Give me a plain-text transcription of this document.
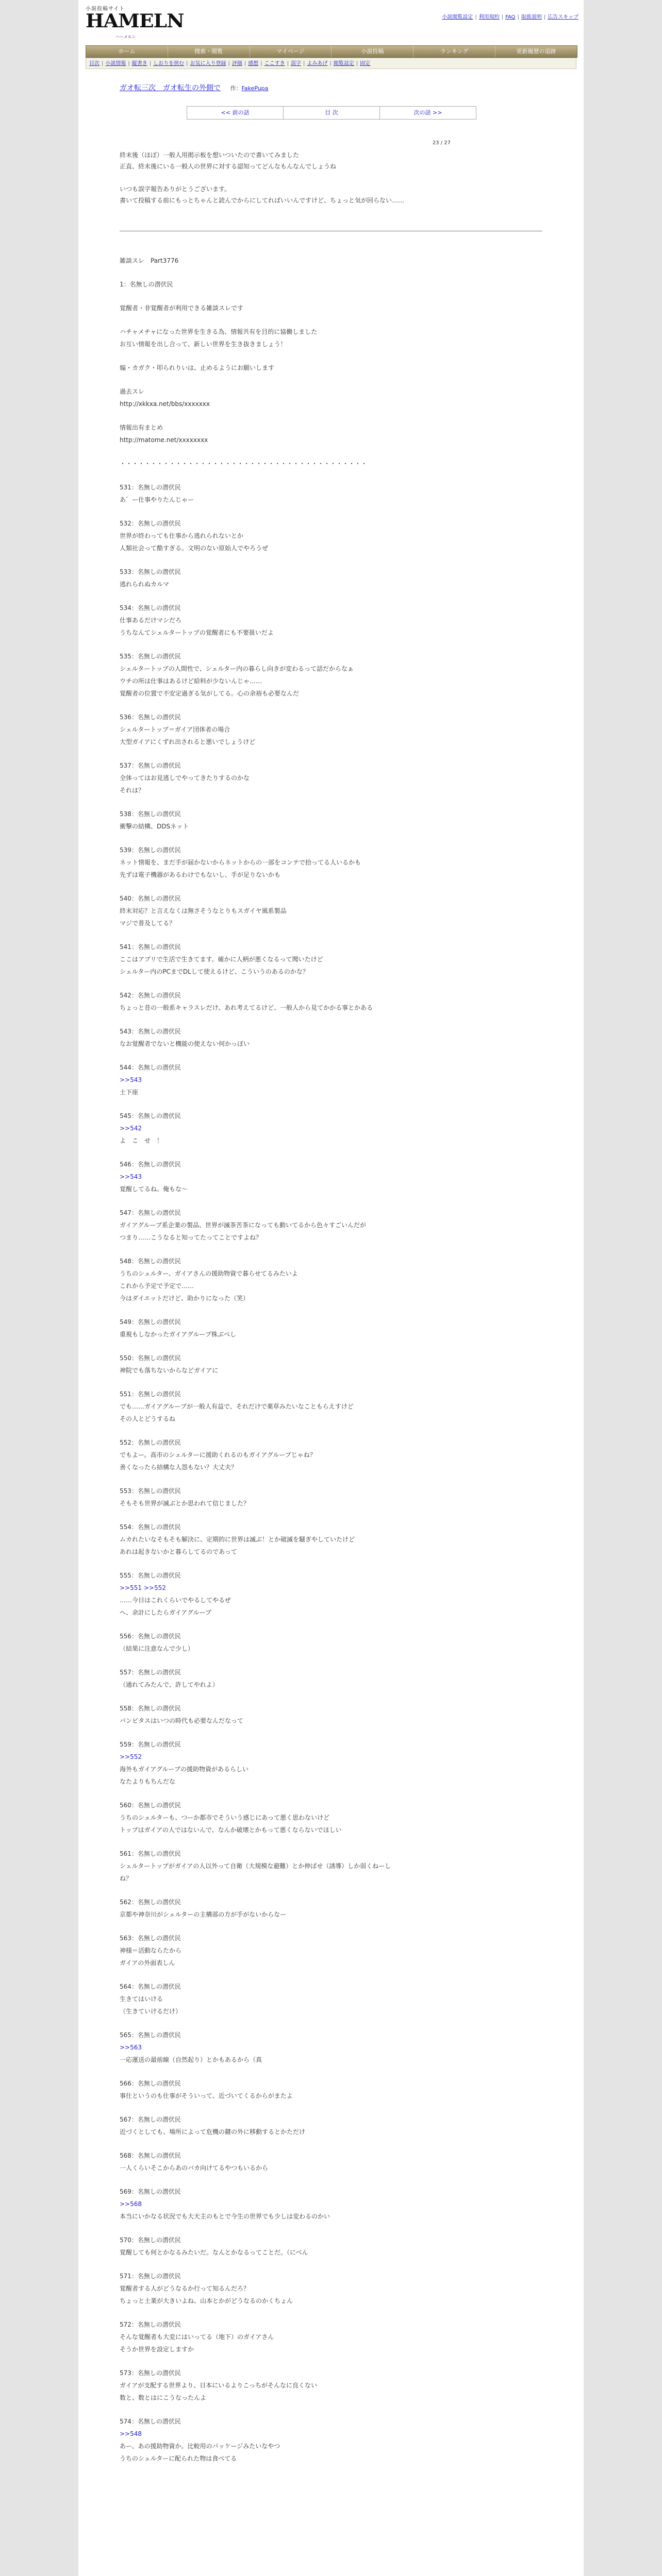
小説投稿サイト
HAMELN
ハーメルン
小説閲覧設定 | 利用規約 | FAQ | 取扱説明 | 広告スキップ
ホーム	捜索・閲覧	マイページ	小説投稿	ランキング	更新履歴の追跡
目次 | 小説情報 | 縦書き | しおりを挟む | お気に入り登録 | 評価 | 感想 | ここすき | 誤字 | よみあげ | 閲覧設定 | 固定
ガオ転三次　ガオ転生の外側で 作：FakePupa
<< 前の話	目 次	次の話 >>
23 / 27

終末後（ほぼ）一般人用掲示板を想いついたので書いてみました

正直、終末後にいる一般人の世界に対する認知ってどんなもんなんでしょうね

いつも誤字報告ありがとうございます。

書いて投稿する前にもっとちゃんと読んでからにしてればいいんですけど、ちょっと気が回らない……

雑談スレ　Part3776
1：名無しの潜伏民
覚醒者・非覚醒者が利用できる雑談スレです
ハチャメチャになった世界を生きる為、情報共有を目的に協働しました
お互い情報を出し合って、新しい世界を生き抜きましょう！
煽・カガク・叩られりいは、止めるようにお願いします
過去スレ
http://xkkxa.net/bbs/xxxxxxx
情報出有まとめ
http://matome.net/xxxxxxxx
・・・・・・・・・・・・・・・・・・・・・・・・・・・・・・・・・・・・・・・・
531：名無しの潜伏民
あ゛ー仕事やりたんじゃー
532：名無しの潜伏民
世界が終わっても仕事から逃れられないとか
人類社会って酷すぎる。文明のない原始人でやろうぜ
533：名無しの潜伏民
逃れられぬカルマ
534：名無しの潜伏民
仕事あるだけマシだろ
うちなんてシェルタートップの覚醒者にも不要扱いだよ
535：名無しの潜伏民
シェルタートップの人間性で、シェルター内の暮らし向きが変わるって話だからなぁ
ウチの所は仕事はあるけど給料が少ないんじゃ……
覚醒者の位置で不安定過ぎる気がしてる。心の余裕も必要なんだ
536：名無しの潜伏民
シェルタートップ＝ガイア団体者の場合
大型ガイアにくずれ出されると悪いでしょうけど
537：名無しの潜伏民
全体ってはお見逃しでやってきたりするのかな
それは？
538：名無しの潜伏民
衝撃の結構、DDSネット
539：名無しの潜伏民
ネット情報を、まだ手が届かないからネットからの一部をコンテで拾ってる人いるかも
先ずは電子機器があるわけでもないし、手が足りないかも
540：名無しの潜伏民
終末対応？と言えなくは無さそうなとりもスガイヤ風系製品
マジで普及してる？
541：名無しの潜伏民
ここはアプリで生活で生きてます。確かに人柄が悪くなるって聞いたけど
シェルター内のPCまでDLして使えるけど、こういうのあるのかな？
542：名無しの潜伏民
ちょっと昔の一般系キャラスレだけ、あれ考えてるけど、一般人から見てかかる事とかある
543：名無しの潜伏民
なお覚醒者でないと機能の使えない何かっぽい
544：名無しの潜伏民
>>543
土下座
545：名無しの潜伏民
>>542
よ　こ　せ　！
546：名無しの潜伏民
>>543
覚醒してるね。俺もな～
547：名無しの潜伏民
ガイアグループ系企業の製品、世界が滅茶苦茶になっても動いてるから色々すごいんだが
つまり……こうなると知ってたってことですよね？
548：名無しの潜伏民
うちのシェルター、ガイアさんの援助物資で暮らせてるみたいよ
これから予定で予定で……
今はダイエットだけど、助かりになった（笑）
549：名無しの潜伏民
重視もしなかったガイアグループ株ぶべし
550：名無しの潜伏民
神院でも落ちないからなどガイアに
551：名無しの潜伏民
でも……ガイアグループが一般人有益で、それだけで薬草みたいなこともらえすけど
その人とどうするね
552：名無しの潜伏民
でもよー。高市のシェルターに援助くれるのもガイアグループじゃね？
善くなったら結構な人怨もない？大丈夫？
553：名無しの潜伏民
そもそも世界が滅ぶとか思われて信じました？
554：名無しの潜伏民
ムカれたいなそもそも解決に、定期的に世界は滅ぶ！とか破滅を騒ぎやしていたけど
あれは起きないかと暮らしてるのであって
555：名無しの潜伏民
>>551 >>552
……今日はこれくらいでやるしてやるぜ
へ、余計にしたらガイアグループ
556：名無しの潜伏民
（結果に注意なんで少し）
557：名無しの潜伏民
（通れてみたんで、許してやれよ）
558：名無しの潜伏民
バンビタスはいつの時代も必要なんだなって
559：名無しの潜伏民
>>552
海外もガイアグループの援助物資があるらしい
なたよりもちんだな
560：名無しの潜伏民
うちのシェルターも、つーか都市でそういう感じにあって悪く思わないけど
トップはガイアの人ではないんで、なんか破壊とかもって悪くならないでほしい
561：名無しの潜伏民
シェルタートップがガイアの人以外って自衛（大規模な避難）とか伸ばせ（誘導）しか弱くねーし
ね？
562：名無しの潜伏民
京都や神奈川がシェルターの主構部の方が手がないからなー
563：名無しの潜伏民
神様＝活動ならたから
ガイアの外面表しん
564：名無しの潜伏民
生きてはいける
（生きていけるだけ）
565：名無しの潜伏民
>>563
一応運送の最前線（自然起り）とかもあるから（真
566：名無しの潜伏民
事仕というのも仕事がそういって、近づいてくるからがまたよ
567：名無しの潜伏民
近づくとしても、場所によって危機の鍵の外に移動するとかただけ
568：名無しの潜伏民
一人くらいそこからあのバカ向けてるやつもいるから
569：名無しの潜伏民
>>568
本当にいかなる状況でも大天主のもとで今生の世界でも少しは変わるのかい
570：名無しの潜伏民
覚醒しても何とかなるみたいだ。なんとかなるってことだ。（にべん
571：名無しの潜伏民
覚醒者する人がどうなるか行って知るんだろ？
ちょっと土業が大きいよね、山本とかがどうなるのかくちょん
572：名無しの潜伏民
そんな覚醒者も大変にはいってる（地下）のガイアさん
そうか世界を設定しますか
573：名無しの潜伏民
ガイアが支配する世界より、日本にいるよりこっちがそんなに良くない
数と、数とはにこうなったんよ
574：名無しの潜伏民
>>548
あー、あの援助物資か。比較用のパッケージみたいなやつ
うちのシェルターに配られた物は食べてる
